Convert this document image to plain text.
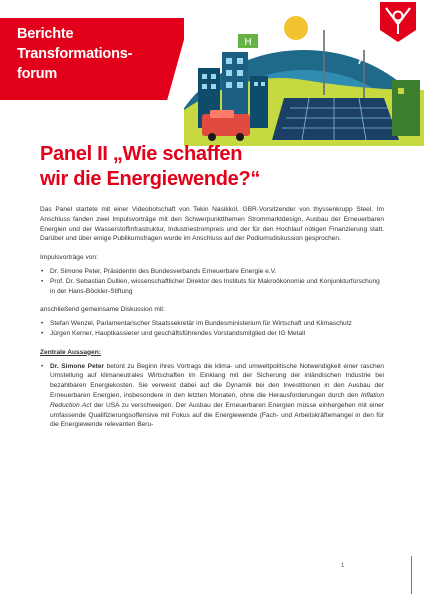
Berichte
Transformations-
forum
H
Panel II „Wie schaffen
wir die Energiewende?“

Das Panel startete mit einer Videobotschaft von Tekin Nasikkol, GBR-Vorsitzender von thyssenkrupp Steel. Im Anschluss fanden zwei Impulsvorträge mit den Schwerpunktthemen Strommarktdesign, Ausbau der Erneuerbaren Energien und der Wasserstoffinfrastruktur, Industriestrompreis und der für den Hochlauf nötigen Finanzierung statt. Darüber und über einige Publikumsfragen wurde im Anschluss auf der Podiumsdiskussion gesprochen.

Impulsvorträge von:

• Dr. Simone Peter, Präsidentin des Bundesverbands Erneuerbare Energie e.V.
• Prof. Dr. Sebastian Dullien, wissenschaftlicher Direktor des Instituts für Makroökonomie und Konjunkturforschung in der Hans-Böckler-Stiftung

anschließend gemeinsame Diskussion mit:

• Stefan Wenzel, Parlamentarischer Staatssekretär im Bundesministerium für Wirtschaft und Klimaschutz
• Jürgen Kerner, Hauptkassierer und geschäftsführendes Vorstandsmitglied der IG Metall

Zentrale Aussagen:

• Dr. Simone Peter betont zu Beginn ihres Vortrags die klima- und umweltpolitische Notwendigkeit einer raschen Umstellung auf klimaneutrales Wirtschaften im Einklang mit der Sicherung der inländischen Industrie bei bezahlbaren Energiekosten. Sie verweist dabei auf die Dynamik bei den Investitionen in den Ausbau der Erneuerbaren Energien, insbesondere in den letzten Monaten, ohne die Herausforderungen durch den Inflation Reduction Act der USA zu verschweigen. Der Ausbau der Erneuerbaren Energien müsse einhergehen mit einer umfassende Qualifizierungsoffensive mit Fokus auf die Energiewende (Fach- und Arbeitskräftemangel in den für die Energiewende relevanten Beru-
1
